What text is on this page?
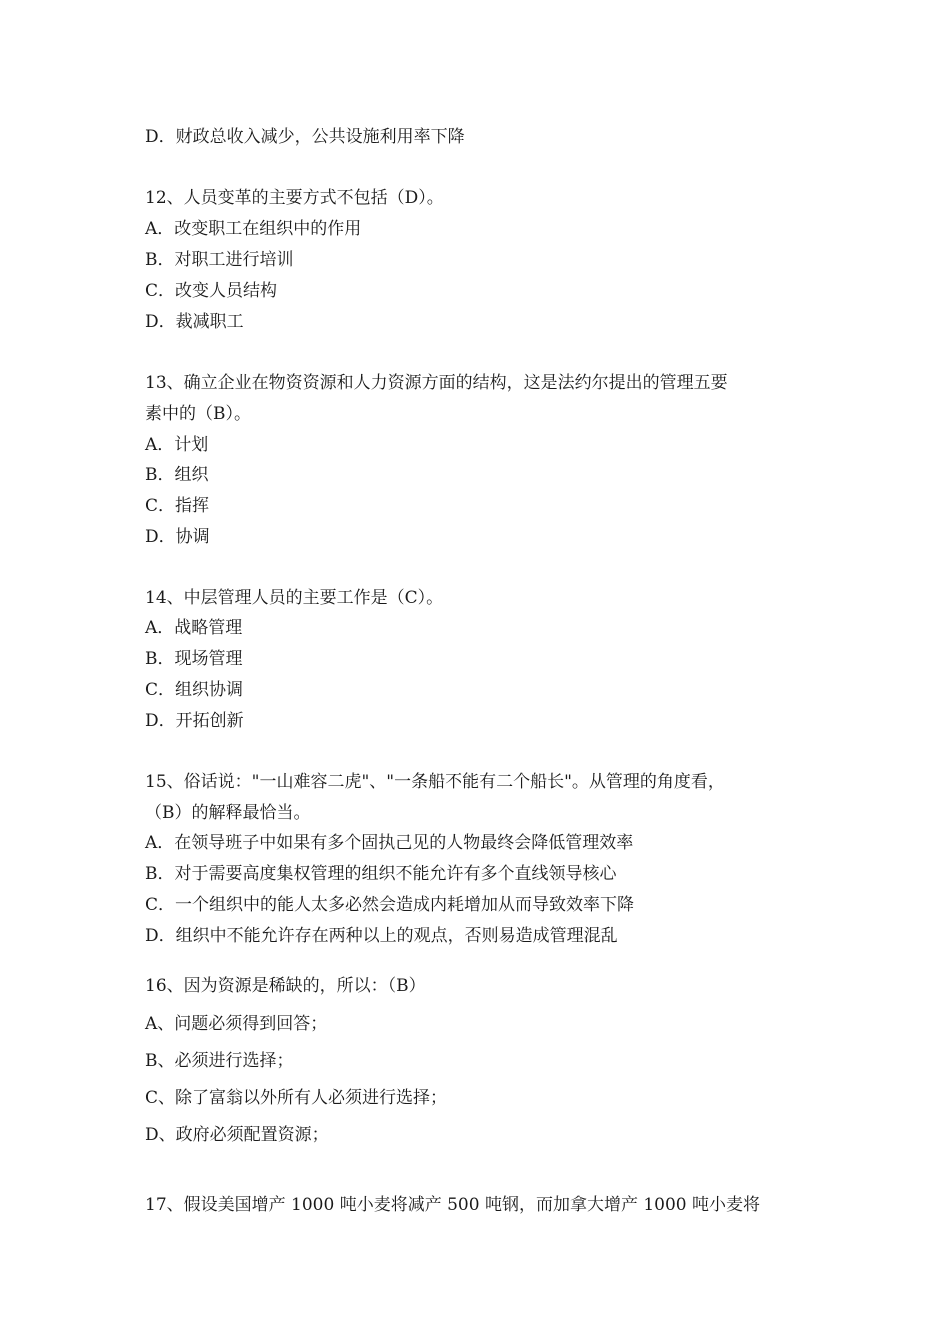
D．财政总收入减少，公共设施利用率下降
12、人员变革的主要方式不包括（D）。
A．改变职工在组织中的作用
B．对职工进行培训
C．改变人员结构
D．裁减职工
13、确立企业在物资资源和人力资源方面的结构，这是法约尔提出的管理五要
素中的（B）。
A．计划
B．组织
C．指挥
D．协调
14、中层管理人员的主要工作是（C）。
A．战略管理
B．现场管理
C．组织协调
D．开拓创新
15、俗话说："一山难容二虎"、"一条船不能有二个船长"。从管理的角度看，
（B）的解释最恰当。
A．在领导班子中如果有多个固执己见的人物最终会降低管理效率
B．对于需要高度集权管理的组织不能允许有多个直线领导核心
C．一个组织中的能人太多必然会造成内耗增加从而导致效率下降
D．组织中不能允许存在两种以上的观点，否则易造成管理混乱
16、因为资源是稀缺的，所以：（B）
A、问题必须得到回答；
B、必须进行选择；
C、除了富翁以外所有人必须进行选择；
D、政府必须配置资源；
17、假设美国增产 1000 吨小麦将减产 500 吨钢，而加拿大增产 1000 吨小麦将
